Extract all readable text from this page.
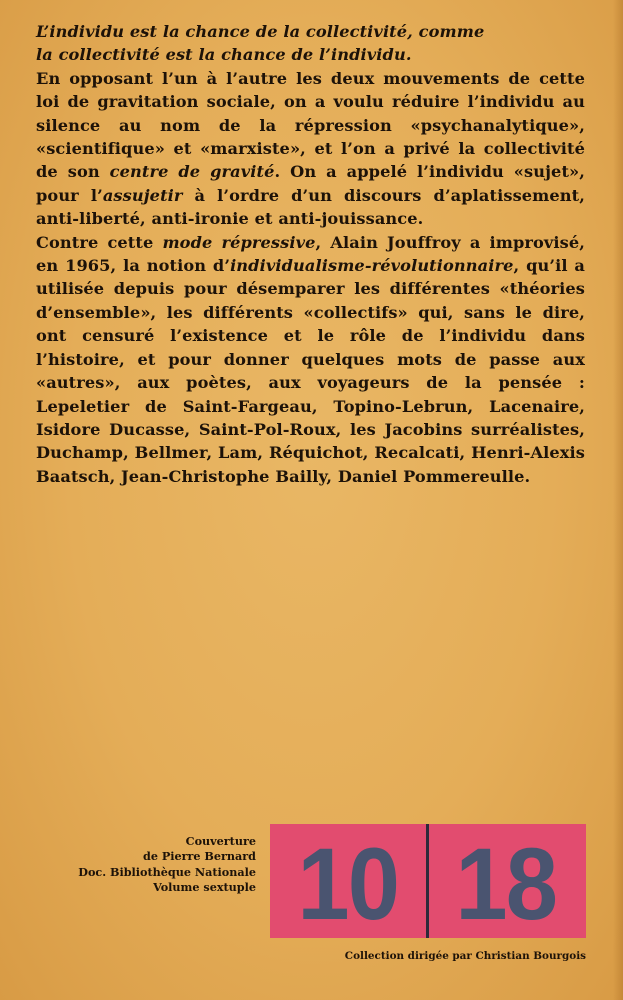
L’individu est la chance de la collectivité, comme
la collectivité est la chance de l’individu.

En opposant l’un à l’autre les deux mouvements de cette loi de gravitation sociale, on a voulu réduire l’individu au silence au nom de la répression «psychanalytique», «scientifique» et «marxiste», et l’on a privé la collectivité de son centre de gravité. On a appelé l’individu «sujet», pour l’assujetir à l’ordre d’un discours d’aplatissement, anti-liberté, anti-ironie et anti-jouissance.

Contre cette mode répressive, Alain Jouffroy a improvisé, en 1965, la notion d’individualisme-révolutionnaire, qu’il a utilisée depuis pour désemparer les différentes «théories d’ensemble», les différents «collectifs» qui, sans le dire, ont censuré l’existence et le rôle de l’individu dans l’histoire, et pour donner quelques mots de passe aux «autres», aux poètes, aux voyageurs de la pensée : Lepeletier de Saint-Fargeau, Topino-Lebrun, Lacenaire, Isidore Ducasse, Saint-Pol-Roux, les Jacobins surréalistes, Duchamp, Bellmer, Lam, Réquichot, Recalcati, Henri-Alexis Baatsch, Jean-Christophe Bailly, Daniel Pommereulle.

Couverture
de Pierre Bernard
Doc. Bibliothèque Nationale
Volume sextuple 10 18
Collection dirigée par Christian Bourgois
